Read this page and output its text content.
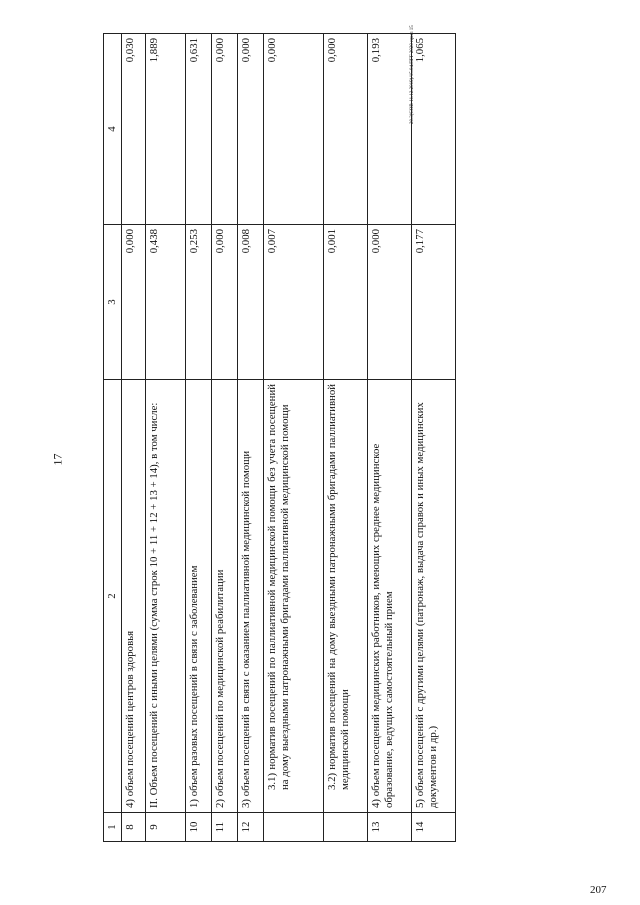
17
20.3(СОВ-11.12.2019)/15.04.ПГГ 2020 прил 15
207
1	2	3	4
8	4) объем посещений центров здоровья	0,000	0,030
9	II. Объем посещений с иными целями (сумма строк 10 + 11 + 12 + 13 + 14), в том числе:	0,438	1,889
10	1) объем разовых посещений в связи с заболеванием	0,253	0,631
11	2) объем посещений по медицинской реабилитации	0,000	0,000
12	3) объем посещений в связи с оказанием паллиативной медицинской помощи	0,008	0,000
	3.1) норматив посещений по паллиативной медицинской помощи без учета посещений на дому выездными патронажными бригадами паллиативной медицинской помощи	0,007	0,000
	3.2) норматив посещений на дому выездными патронажными бригадами паллиативной медицинской помощи	0,001	0,000
13	4) объем посещений медицинских работников, имеющих среднее медицинское образование, ведущих самостоятельный прием	0,000	0,193
14	5) объем посещений с другими целями (патронаж, выдача справок и иных медицинских документов и др.)	0,177	1,065
